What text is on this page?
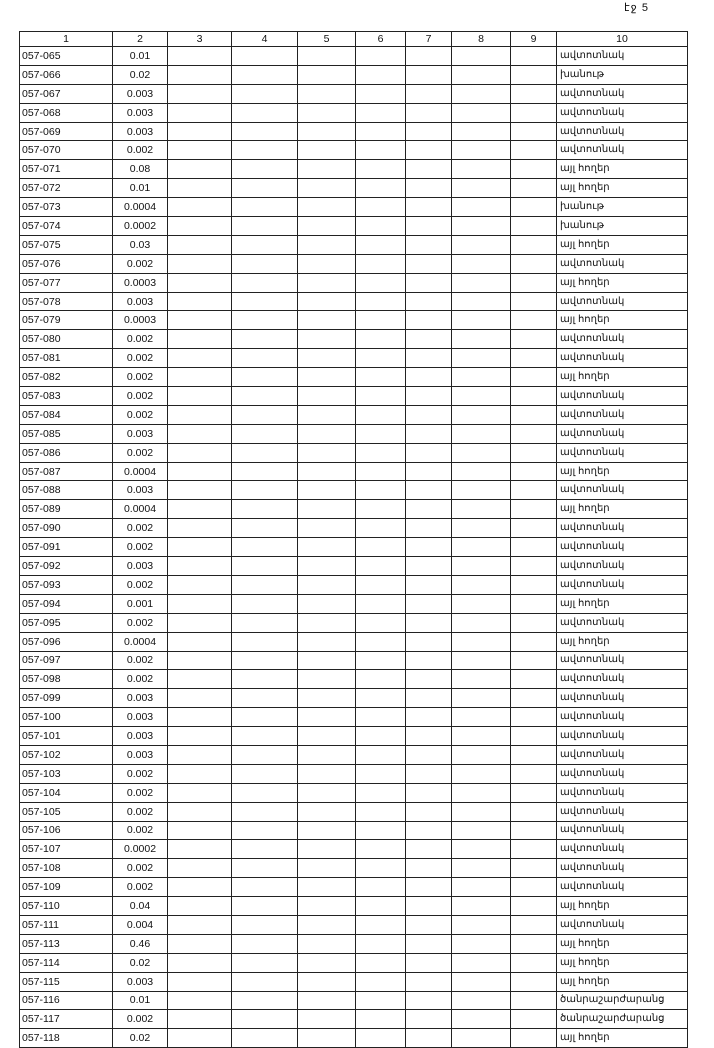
էջ 5
1	2	3	4	5	6	7	8	9	10
057-065	0.01								ավտոտնակ
057-066	0.02								խանութ
057-067	0.003								ավտոտնակ
057-068	0.003								ավտոտնակ
057-069	0.003								ավտոտնակ
057-070	0.002								ավտոտնակ
057-071	0.08								այլ հողեր
057-072	0.01								այլ հողեր
057-073	0.0004								խանութ
057-074	0.0002								խանութ
057-075	0.03								այլ հողեր
057-076	0.002								ավտոտնակ
057-077	0.0003								այլ հողեր
057-078	0.003								ավտոտնակ
057-079	0.0003								այլ հողեր
057-080	0.002								ավտոտնակ
057-081	0.002								ավտոտնակ
057-082	0.002								այլ հողեր
057-083	0.002								ավտոտնակ
057-084	0.002								ավտոտնակ
057-085	0.003								ավտոտնակ
057-086	0.002								ավտոտնակ
057-087	0.0004								այլ հողեր
057-088	0.003								ավտոտնակ
057-089	0.0004								այլ հողեր
057-090	0.002								ավտոտնակ
057-091	0.002								ավտոտնակ
057-092	0.003								ավտոտնակ
057-093	0.002								ավտոտնակ
057-094	0.001								այլ հողեր
057-095	0.002								ավտոտնակ
057-096	0.0004								այլ հողեր
057-097	0.002								ավտոտնակ
057-098	0.002								ավտոտնակ
057-099	0.003								ավտոտնակ
057-100	0.003								ավտոտնակ
057-101	0.003								ավտոտնակ
057-102	0.003								ավտոտնակ
057-103	0.002								ավտոտնակ
057-104	0.002								ավտոտնակ
057-105	0.002								ավտոտնակ
057-106	0.002								ավտոտնակ
057-107	0.0002								ավտոտնակ
057-108	0.002								ավտոտնակ
057-109	0.002								ավտոտնակ
057-110	0.04								այլ հողեր
057-111	0.004								ավտոտնակ
057-113	0.46								այլ հողեր
057-114	0.02								այլ հողեր
057-115	0.003								այլ հողեր
057-116	0.01								ծանրաշարժարանց
057-117	0.002								ծանրաշարժարանց
057-118	0.02								այլ հողեր
